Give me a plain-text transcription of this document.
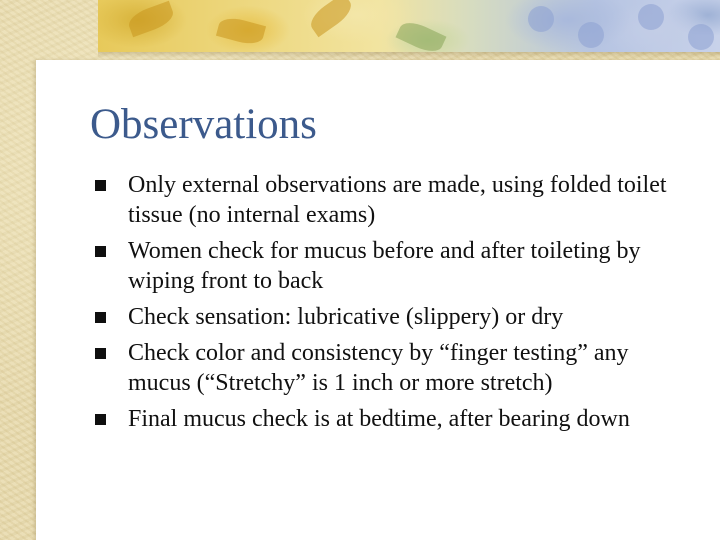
Observations
Only external observations are made, using folded toilet tissue (no internal exams)
Women check for mucus before and after toileting by wiping front to back
Check sensation: lubricative (slippery) or dry
Check color and consistency by “finger testing” any mucus (“Stretchy” is 1 inch or more stretch)
Final mucus check is at bedtime, after bearing down
